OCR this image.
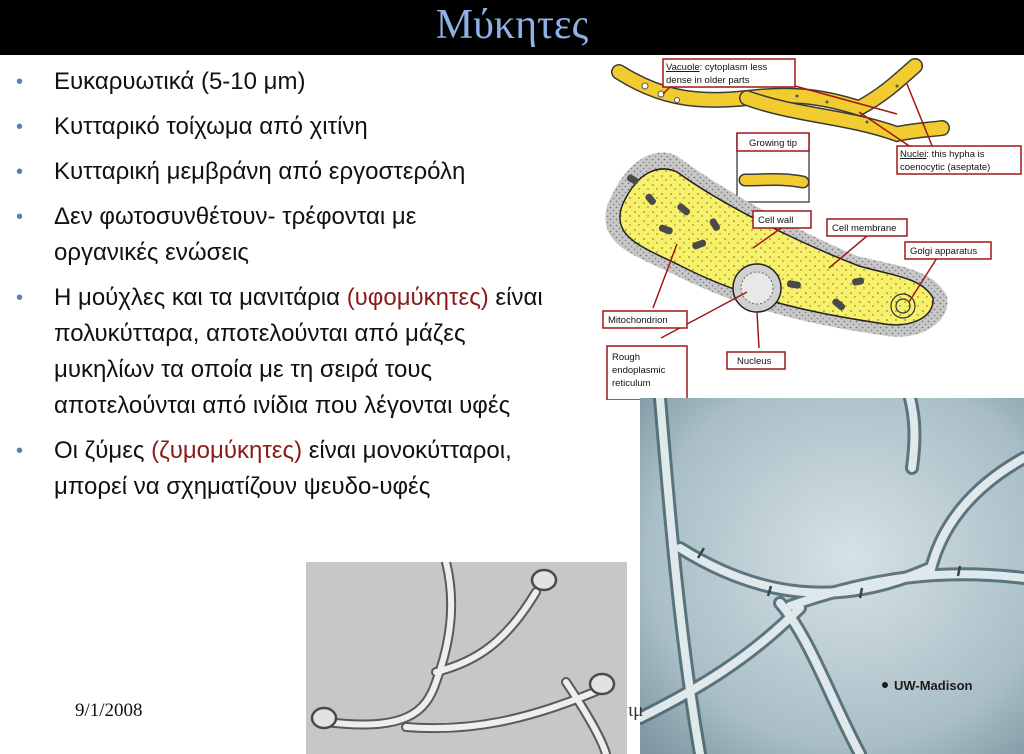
Μύκητες
• Ευκαρυωτικά (5-10 μm)
• Κυτταρικό τοίχωμα από χιτίνη
• Κυτταρική μεμβράνη από εργοστερόλη
• Δεν φωτοσυνθέτουν- τρέφονται με οργανικές ενώσεις
• Η μούχλες και τα μανιτάρια (υφομύκητες) είναι πολυκύτταρα, αποτελούνται από μάζες μυκηλίων τα οποία με τη σειρά τους αποτελούνται από ινίδια που λέγονται υφές
• Οι ζύμες (ζυμομύκητες) είναι μονοκύτταροι, μπορεί να σχηματίζουν ψευδο-υφές
Vacuole: cytoplasm less
dense in older parts
Growing tip
Nuclei: this hypha is
coenocytic (aseptate)
Cell wall
Cell membrane
Golgi apparatus
Mitochondrion
Rough
endoplasmic
reticulum
Nucleus
UW-Madison
9/1/2008	ιμ
